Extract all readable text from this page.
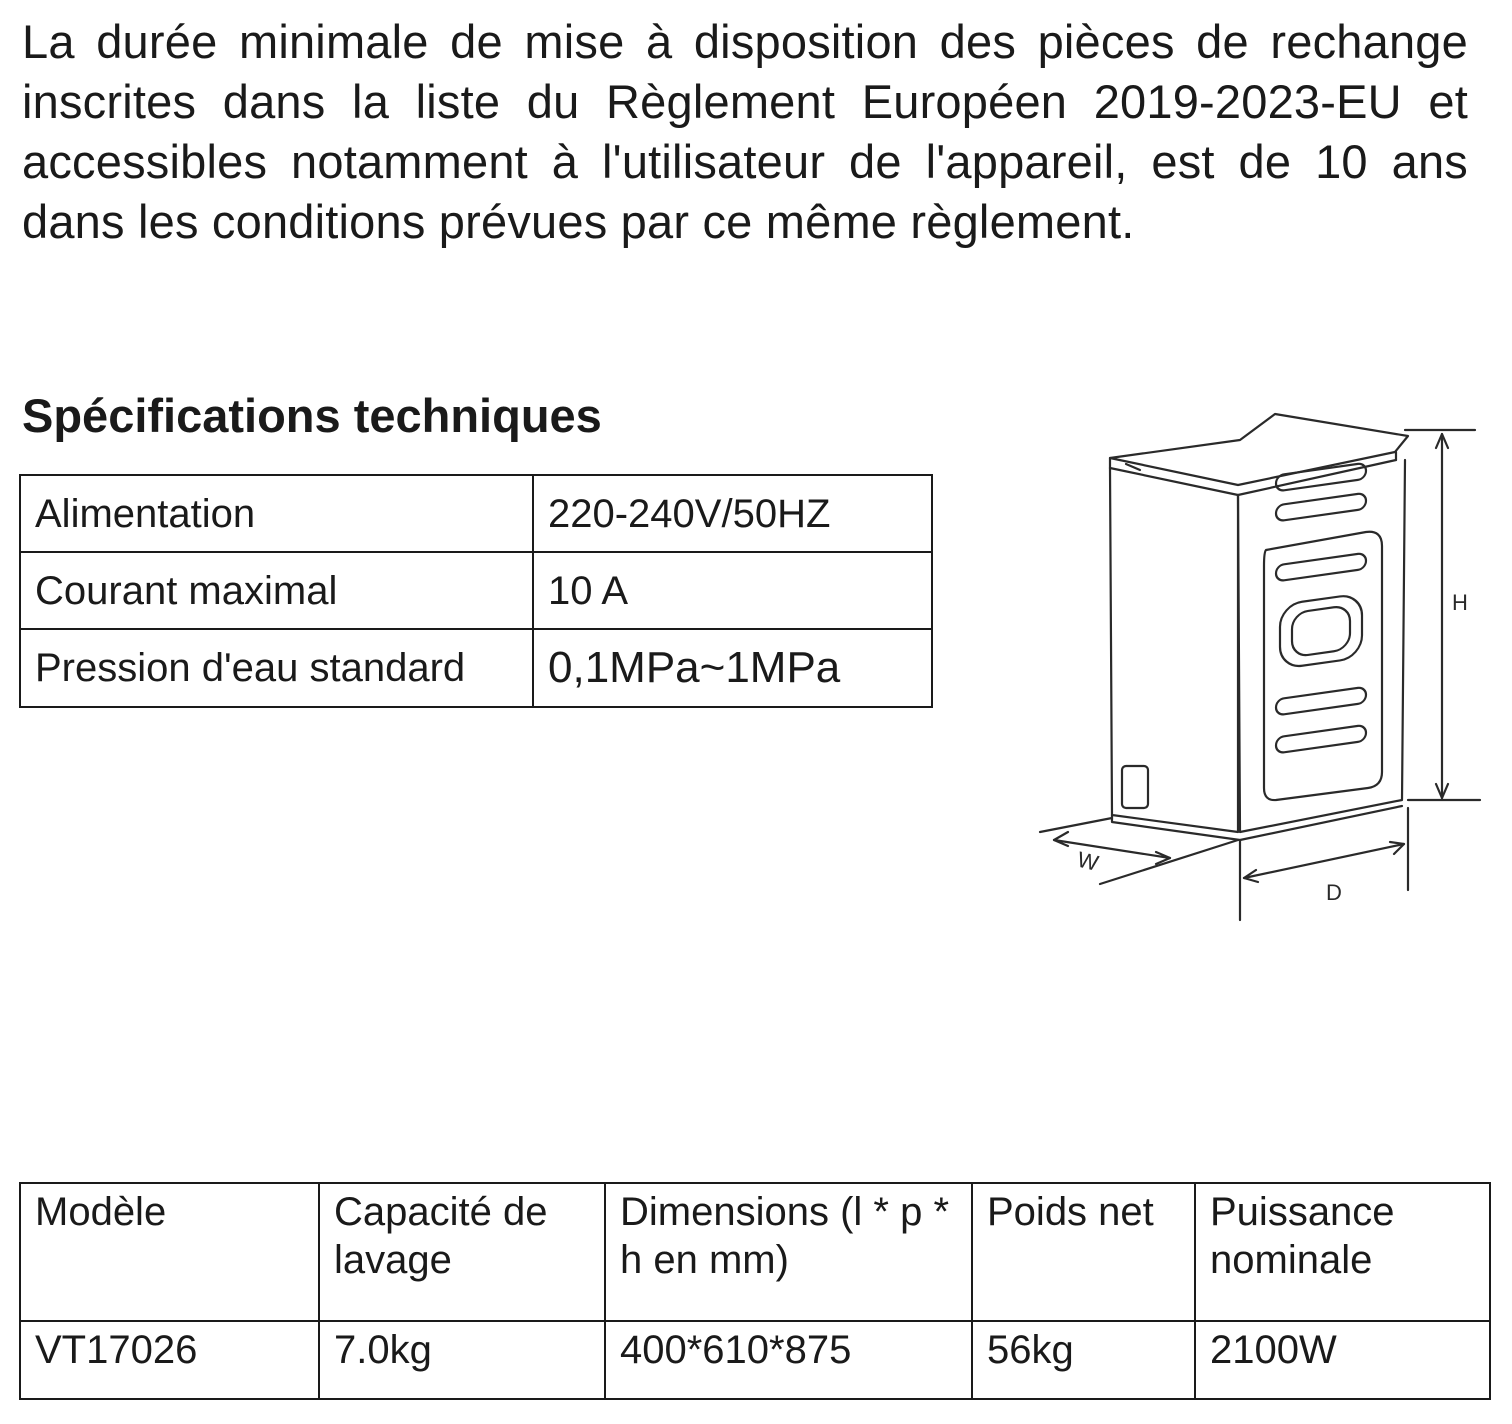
La durée minimale de mise à disposition des pièces de rechange inscrites dans la liste du Règlement Européen 2019-2023-EU et accessibles notamment à l'utilisateur de l'appareil, est de 10 ans dans les conditions prévues par ce même règlement.

Spécifications techniques
Alimentation	220-240V/50HZ
Courant maximal	10 A
Pression d'eau standard	0,1MPa~1MPa
H
W
D
Modèle	Capacité de lavage	Dimensions (l * p * h en mm)	Poids net	Puissance nominale
VT17026	7.0kg	400*610*875	56kg	2100W
